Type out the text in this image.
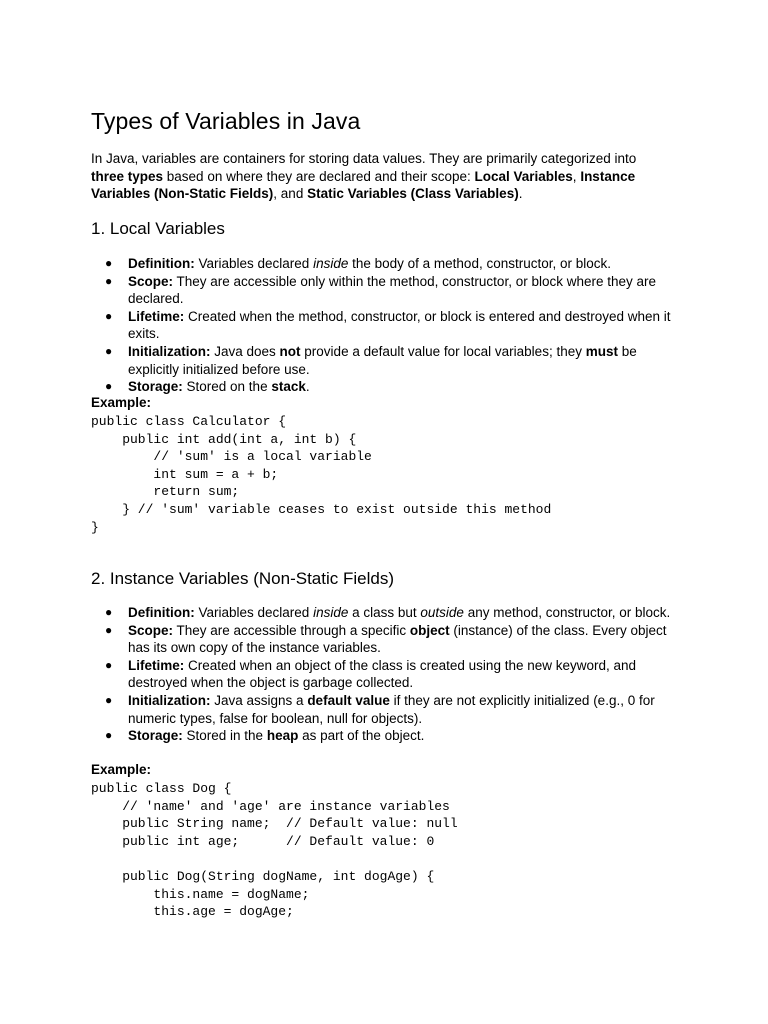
Types of Variables in Java

In Java, variables are containers for storing data values. They are primarily categorized into three types based on where they are declared and their scope: Local Variables, Instance Variables (Non-Static Fields), and Static Variables (Class Variables).

1. Local Variables
● Definition: Variables declared inside the body of a method, constructor, or block.
● Scope: They are accessible only within the method, constructor, or block where they are declared.
● Lifetime: Created when the method, constructor, or block is entered and destroyed when it exits.
● Initialization: Java does not provide a default value for local variables; they must be explicitly initialized before use.
● Storage: Stored on the stack.

Example:

public class Calculator {
public int add(int a, int b) {
// 'sum' is a local variable
int sum = a + b;
return sum;
} // 'sum' variable ceases to exist outside this method
}
2. Instance Variables (Non-Static Fields)
● Definition: Variables declared inside a class but outside any method, constructor, or block.
● Scope: They are accessible through a specific object (instance) of the class. Every object has its own copy of the instance variables.
● Lifetime: Created when an object of the class is created using the new keyword, and destroyed when the object is garbage collected.
● Initialization: Java assigns a default value if they are not explicitly initialized (e.g., 0 for numeric types, false for boolean, null for objects).
● Storage: Stored in the heap as part of the object.

Example:

public class Dog {
// 'name' and 'age' are instance variables
public String name;  // Default value: null
public int age;      // Default value: 0

public Dog(String dogName, int dogAge) {
this.name = dogName;
this.age = dogAge;
